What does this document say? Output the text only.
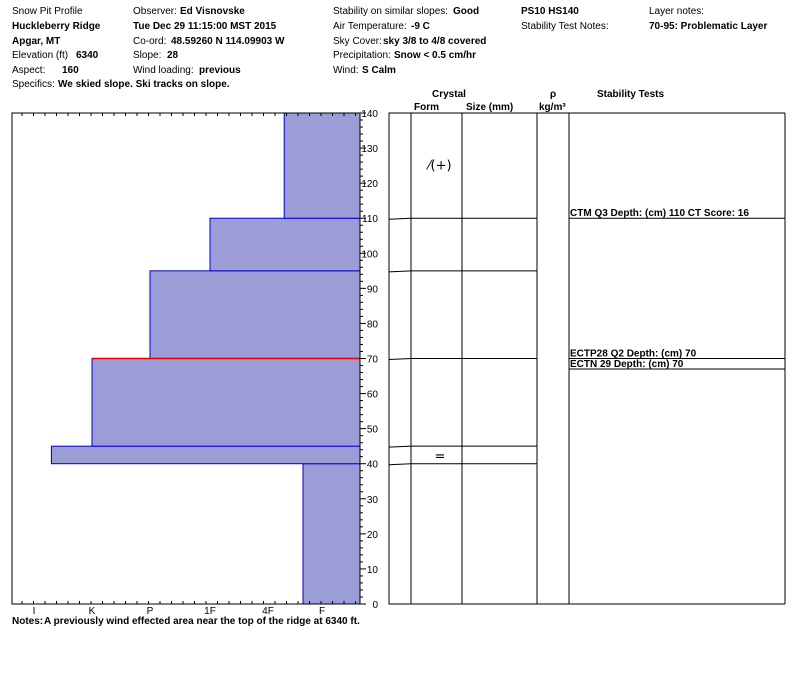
Snow Pit Profile
Huckleberry Ridge
Apgar, MT
Elevation (ft) 6340
Aspect: 160
Specifics: We skied slope. Ski tracks on slope.
Observer: Ed Visnovske
Tue Dec 29 11:15:00 MST 2015
Co-ord: 48.59260 N 114.09903 W
Slope: 28
Wind loading: previous
Stability on similar slopes: Good
Air Temperature: -9 C
Sky Cover: sky 3/8 to 4/8 covered
Precipitation: Snow < 0.5 cm/hr
Wind: S Calm
PS10 HS140
Stability Test Notes:
Layer notes:
70-95: Problematic Layer
Crystal
Form	Size (mm)
ρ
kg/m³
Stability Tests
I	K	P	1F	4F	F
0
10
20
30
40
50
60
70
80
90
100
110
120
130
140
⁄(+)
=
CTM Q3 Depth: (cm) 110 CT Score: 16
ECTP28 Q2 Depth: (cm) 70
ECTN 29 Depth: (cm) 70
Notes: A previously wind effected area near the top of the ridge at 6340 ft.
